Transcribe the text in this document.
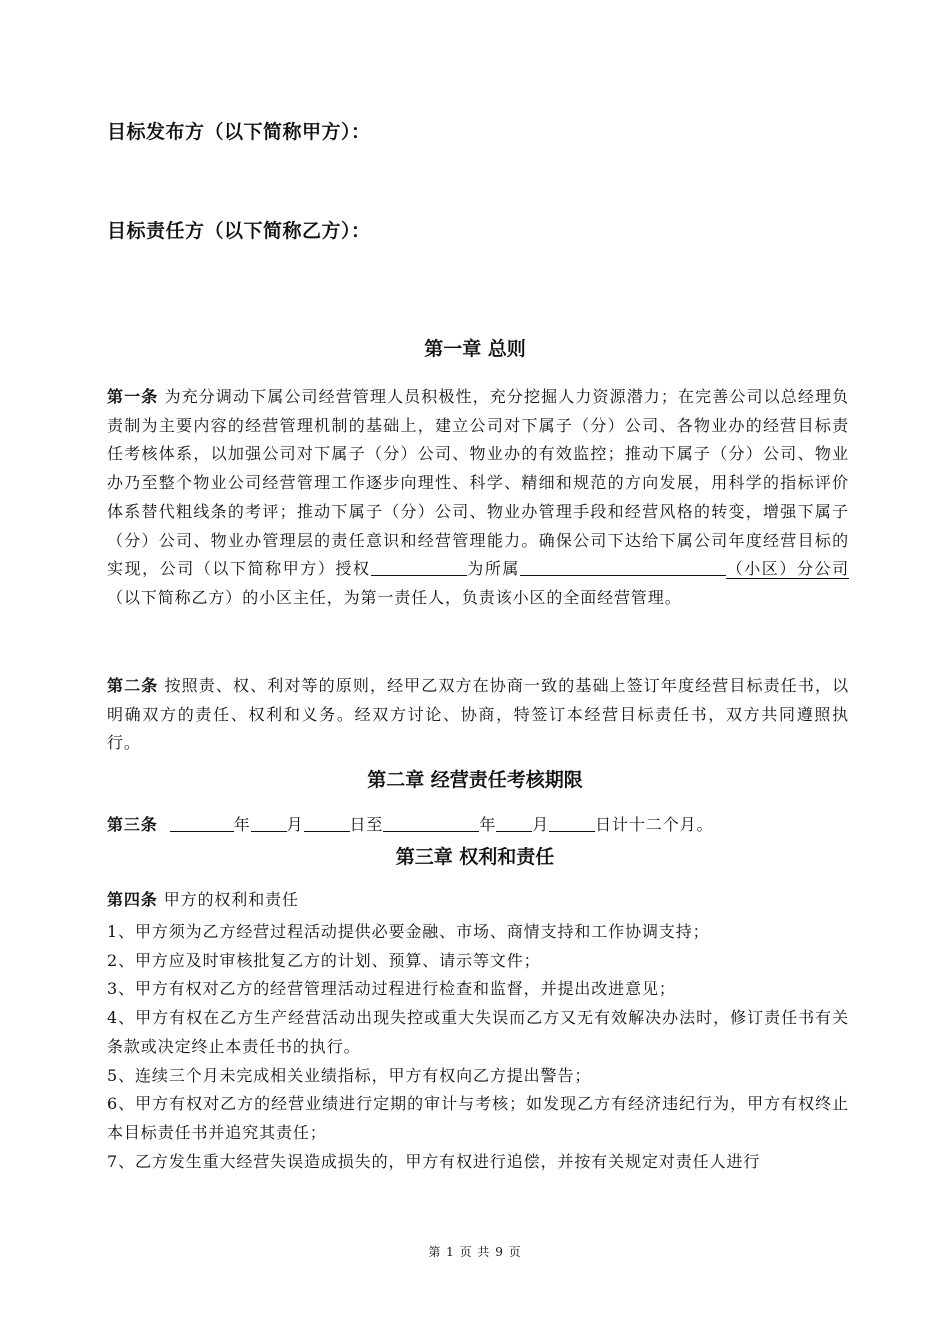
目标发布方（以下简称甲方）：
目标责任方（以下简称乙方）：
第一章 总则
第一条 为充分调动下属公司经营管理人员积极性，充分挖掘人力资源潜力；在完善公司以总经理负责制为主要内容的经营管理机制的基础上，建立公司对下属子（分）公司、各物业办的经营目标责任考核体系，以加强公司对下属子（分）公司、物业办的有效监控；推动下属子（分）公司、物业办乃至整个物业公司经营管理工作逐步向理性、科学、精细和规范的方向发展，用科学的指标评价体系替代粗线条的考评；推动下属子（分）公司、物业办管理手段和经营风格的转变，增强下属子（分）公司、物业办管理层的责任意识和经营管理能力。确保公司下达给下属公司年度经营目标的实现，公司（以下简称甲方）授权	为所属	（小区）分公司（以下简称乙方）的小区主任，为第一责任人，负责该小区的全面经营管理。
第二条 按照责、权、利对等的原则，经甲乙双方在协商一致的基础上签订年度经营目标责任书，以明确双方的责任、权利和义务。经双方讨论、协商，特签订本经营目标责任书，双方共同遵照执行。
第二章 经营责任考核期限
第三条	年 月	日至	年 月	日计十二个月。
第三章 权利和责任
第四条 甲方的权利和责任
1、甲方须为乙方经营过程活动提供必要金融、市场、商情支持和工作协调支持；
2、甲方应及时审核批复乙方的计划、预算、请示等文件；
3、甲方有权对乙方的经营管理活动过程进行检查和监督，并提出改进意见；
4、甲方有权在乙方生产经营活动出现失控或重大失误而乙方又无有效解决办法时，修订责任书有关条款或决定终止本责任书的执行。
5、连续三个月未完成相关业绩指标，甲方有权向乙方提出警告；
6、甲方有权对乙方的经营业绩进行定期的审计与考核；如发现乙方有经济违纪行为，甲方有权终止本目标责任书并追究其责任；
7、乙方发生重大经营失误造成损失的，甲方有权进行追偿，并按有关规定对责任人进行
第 1 页 共 9 页
